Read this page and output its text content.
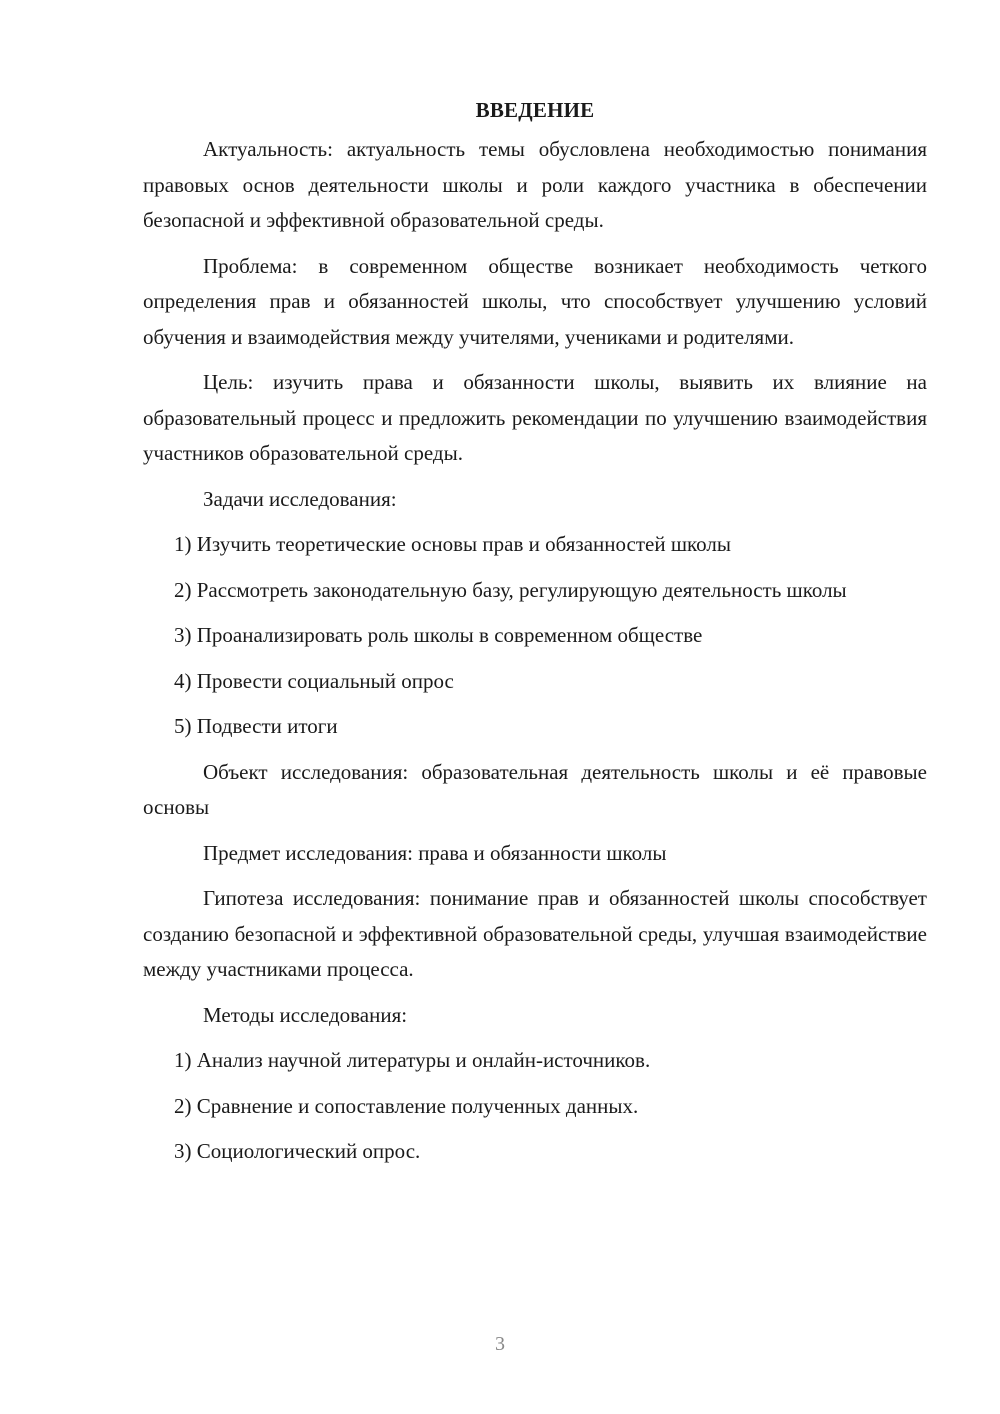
ВВЕДЕНИЕ

Актуальность: актуальность темы обусловлена необходимостью понимания правовых основ деятельности школы и роли каждого участника в обеспечении безопасной и эффективной образовательной среды.

Проблема: в современном обществе возникает необходимость четкого определения прав и обязанностей школы, что способствует улучшению условий обучения и взаимодействия между учителями, учениками и родителями.

Цель: изучить права и обязанности школы, выявить их влияние на образовательный процесс и предложить рекомендации по улучшению взаимодействия участников образовательной среды.

Задачи исследования:

1) Изучить теоретические основы прав и обязанностей школы

2) Рассмотреть законодательную базу, регулирующую деятельность школы

3) Проанализировать роль школы в современном обществе

4) Провести социальный опрос

5) Подвести итоги

Объект исследования: образовательная деятельность школы и её правовые основы

Предмет исследования: права и обязанности школы

Гипотеза исследования: понимание прав и обязанностей школы способствует созданию безопасной и эффективной образовательной среды, улучшая взаимодействие между участниками процесса.

Методы исследования:

1) Анализ научной литературы и онлайн-источников.

2) Сравнение и сопоставление полученных данных.

3) Социологический опрос.

3
